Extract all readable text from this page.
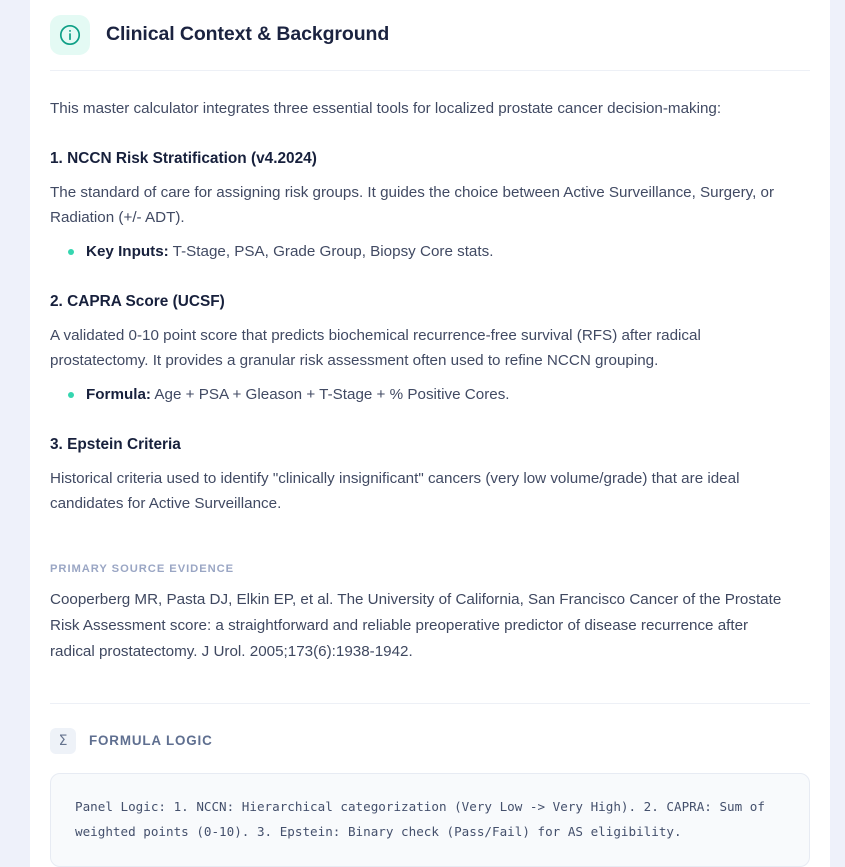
Clinical Context & Background

This master calculator integrates three essential tools for localized prostate cancer decision-making:

1. NCCN Risk Stratification (v4.2024)

The standard of care for assigning risk groups. It guides the choice between Active Surveillance, Surgery, or Radiation (+/- ADT).

Key Inputs: T-Stage, PSA, Grade Group, Biopsy Core stats.
2. CAPRA Score (UCSF)

A validated 0-10 point score that predicts biochemical recurrence-free survival (RFS) after radical prostatectomy. It provides a granular risk assessment often used to refine NCCN grouping.

Formula: Age + PSA + Gleason + T-Stage + % Positive Cores.
3. Epstein Criteria

Historical criteria used to identify "clinically insignificant" cancers (very low volume/grade) that are ideal candidates for Active Surveillance.

PRIMARY SOURCE EVIDENCE

Cooperberg MR, Pasta DJ, Elkin EP, et al. The University of California, San Francisco Cancer of the Prostate Risk Assessment score: a straightforward and reliable preoperative predictor of disease recurrence after radical prostatectomy. J Urol. 2005;173(6):1938-1942.

Σ	FORMULA LOGIC

Panel Logic: 1. NCCN: Hierarchical categorization (Very Low -> Very High). 2. CAPRA: Sum of weighted points (0-10). 3. Epstein: Binary check (Pass/Fail) for AS eligibility.
